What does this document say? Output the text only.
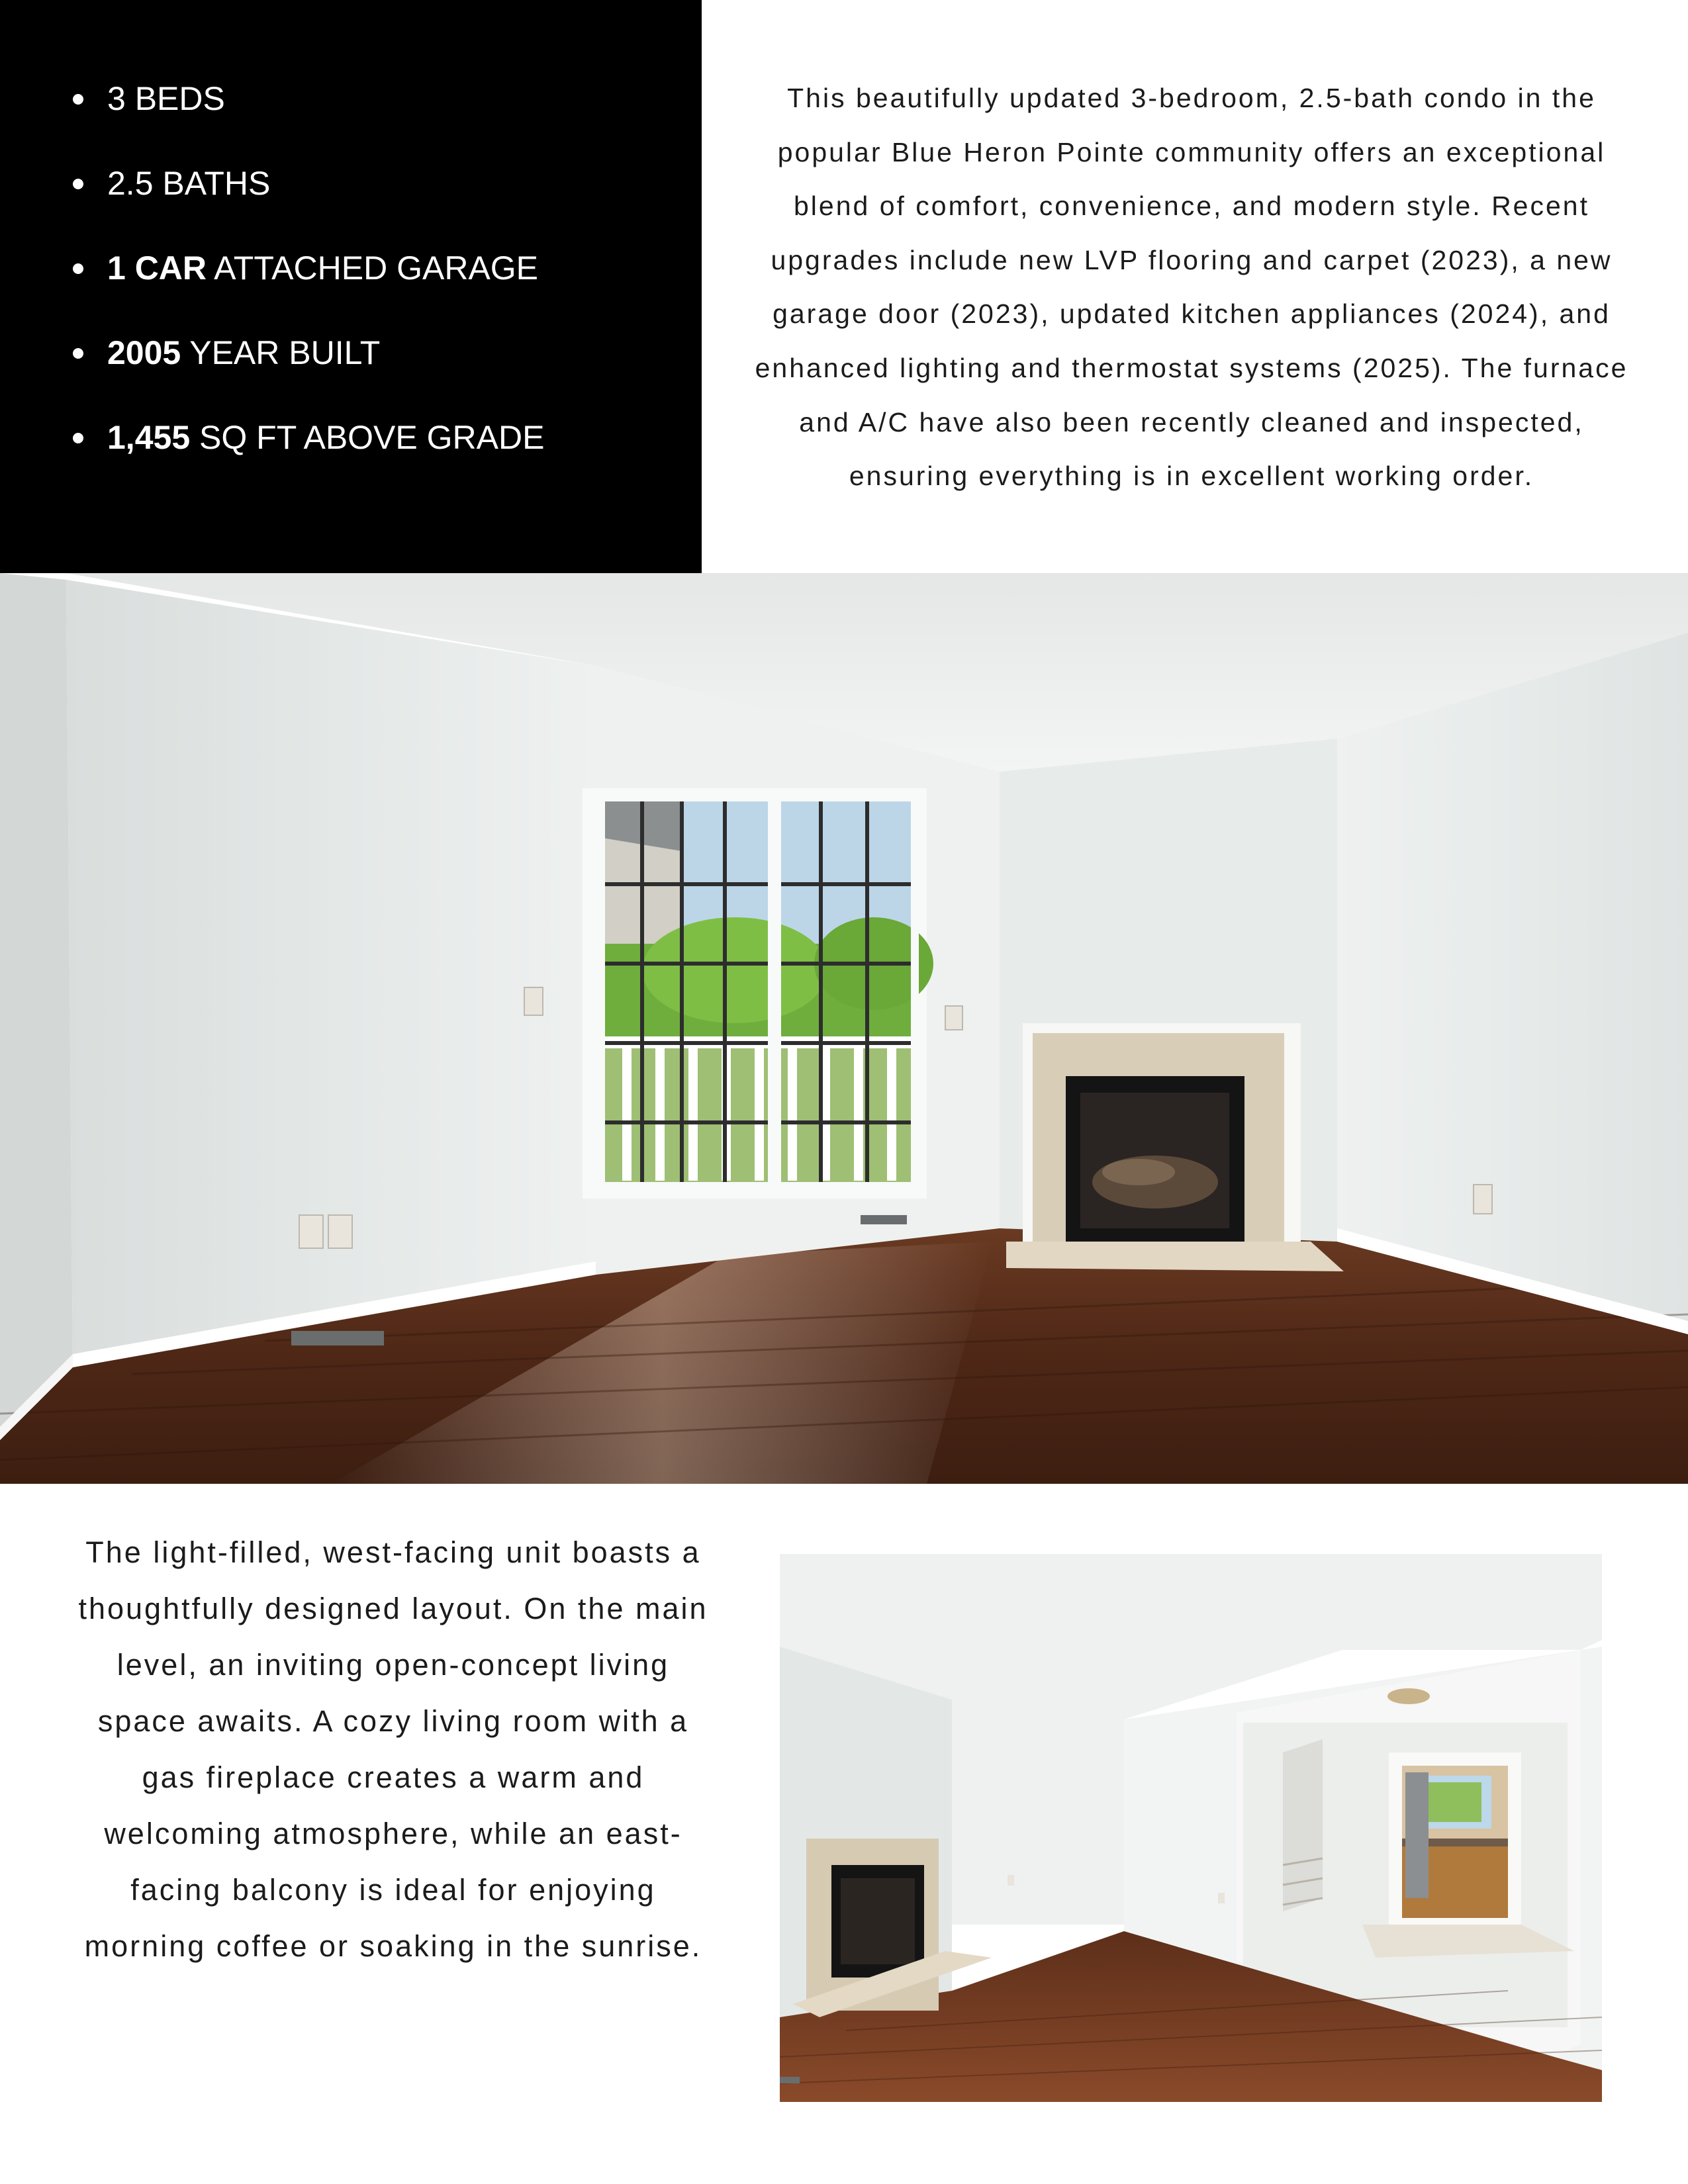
3 BEDS
2.5 BATHS
1 CAR ATTACHED GARAGE
2005 YEAR BUILT
1,455 SQ FT ABOVE GRADE

This beautifully updated 3-bedroom, 2.5-bath condo in the popular Blue Heron Pointe community offers an exceptional blend of comfort, convenience, and modern style. Recent upgrades include new LVP flooring and carpet (2023), a new garage door (2023), updated kitchen appliances (2024), and enhanced lighting and thermostat systems (2025). The furnace and A/C have also been recently cleaned and inspected, ensuring everything is in excellent working order.

The light-filled, west-facing unit boasts a thoughtfully designed layout. On the main level, an inviting open-concept living space awaits. A cozy living room with a gas fireplace creates a warm and welcoming atmosphere, while an east-facing balcony is ideal for enjoying morning coffee or soaking in the sunrise.
